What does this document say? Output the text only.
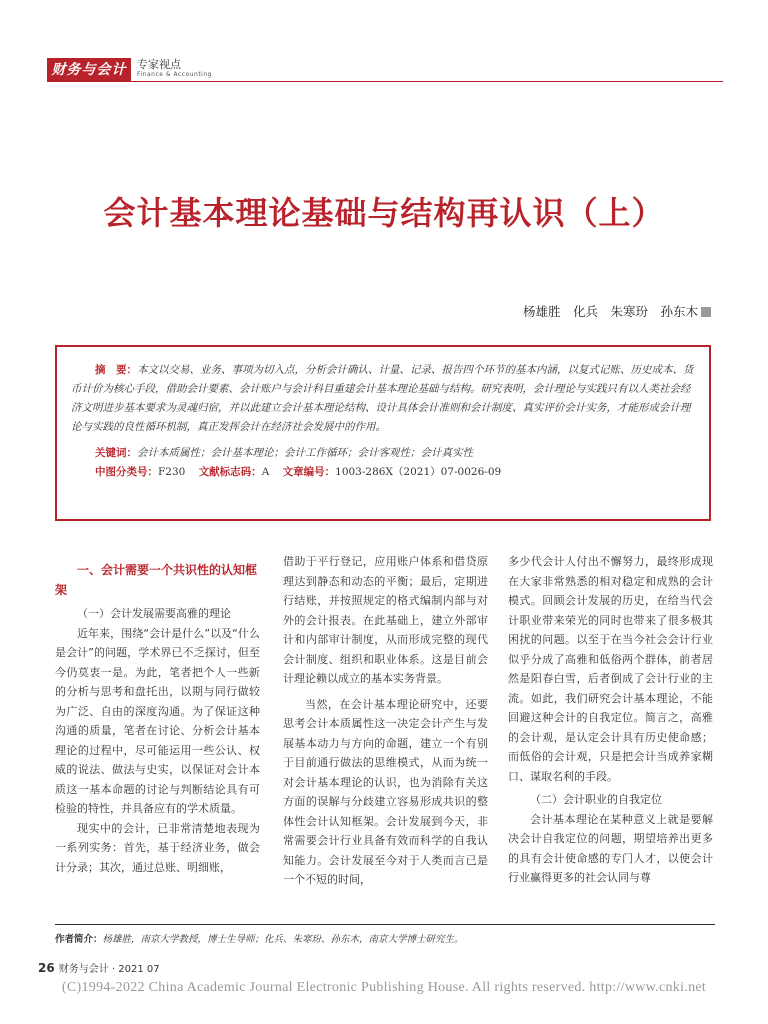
财务与会计 专家视点
Finance & Accounting
会计基本理论基础与结构再认识（上）
杨雄胜　化兵　朱寒玢　孙东木
摘　要：本文以交易、业务、事项为切入点，分析会计确认、计量、记录、报告四个环节的基本内涵，以复式记账、历史成本、货币计价为核心手段，借助会计要素、会计账户与会计科目重建会计基本理论基础与结构。研究表明，会计理论与实践只有以人类社会经济文明进步基本要求为灵魂归宿，并以此建立会计基本理论结构、设计具体会计准则和会计制度、真实评价会计实务，才能形成会计理论与实践的良性循环机制，真正发挥会计在经济社会发展中的作用。
关键词：会计本质属性；会计基本理论；会计工作循环；会计客观性；会计真实性
中图分类号：F230 文献标志码：A 文章编号：1003-286X（2021）07-0026-09
一、会计需要一个共识性的认知框架

（一）会计发展需要高雅的理论

近年来，围绕“会计是什么”以及“什么是会计”的问题，学术界已不乏探讨，但至今仍莫衷一是。为此，笔者把个人一些新的分析与思考和盘托出，以期与同行做较为广泛、自由的深度沟通。为了保证这种沟通的质量，笔者在讨论、分析会计基本理论的过程中，尽可能运用一些公认、权威的说法、做法与史实，以保证对会计本质这一基本命题的讨论与判断结论具有可检验的特性，并具备应有的学术质量。

现实中的会计，已非常清楚地表现为一系列实务：首先，基于经济业务，做会计分录；其次，通过总账、明细账，

借助于平行登记，应用账户体系和借贷原理达到静态和动态的平衡；最后，定期进行结账，并按照规定的格式编制内部与对外的会计报表。在此基础上，建立外部审计和内部审计制度，从而形成完整的现代会计制度、组织和职业体系。这是目前会计理论赖以成立的基本实务背景。

当然，在会计基本理论研究中，还要思考会计本质属性这一决定会计产生与发展基本动力与方向的命题，建立一个有别于目前通行做法的思维模式，从而为统一对会计基本理论的认识，也为消除有关这方面的误解与分歧建立容易形成共识的整体性会计认知框架。会计发展到今天，非常需要会计行业具备有效而科学的自我认知能力。会计发展至今对于人类而言已是一个不短的时间，

多少代会计人付出不懈努力，最终形成现在大家非常熟悉的相对稳定和成熟的会计模式。回顾会计发展的历史，在给当代会计职业带来荣光的同时也带来了很多极其困扰的问题。以至于在当今社会会计行业似乎分成了高雅和低俗两个群体，前者居然是阳春白雪，后者倒成了会计行业的主流。如此，我们研究会计基本理论，不能回避这种会计的自我定位。简言之，高雅的会计观，是认定会计具有历史使命感；而低俗的会计观，只是把会计当成养家糊口、谋取名利的手段。

（二）会计职业的自我定位

会计基本理论在某种意义上就是要解决会计自我定位的问题，期望培养出更多的具有会计使命感的专门人才，以使会计行业赢得更多的社会认同与尊

作者简介：杨雄胜，南京大学教授，博士生导师；化兵、朱寒玢、孙东木，南京大学博士研究生。
26 财务与会计 · 2021 07
(C)1994-2022 China Academic Journal Electronic Publishing House. All rights reserved. http://www.cnki.net
